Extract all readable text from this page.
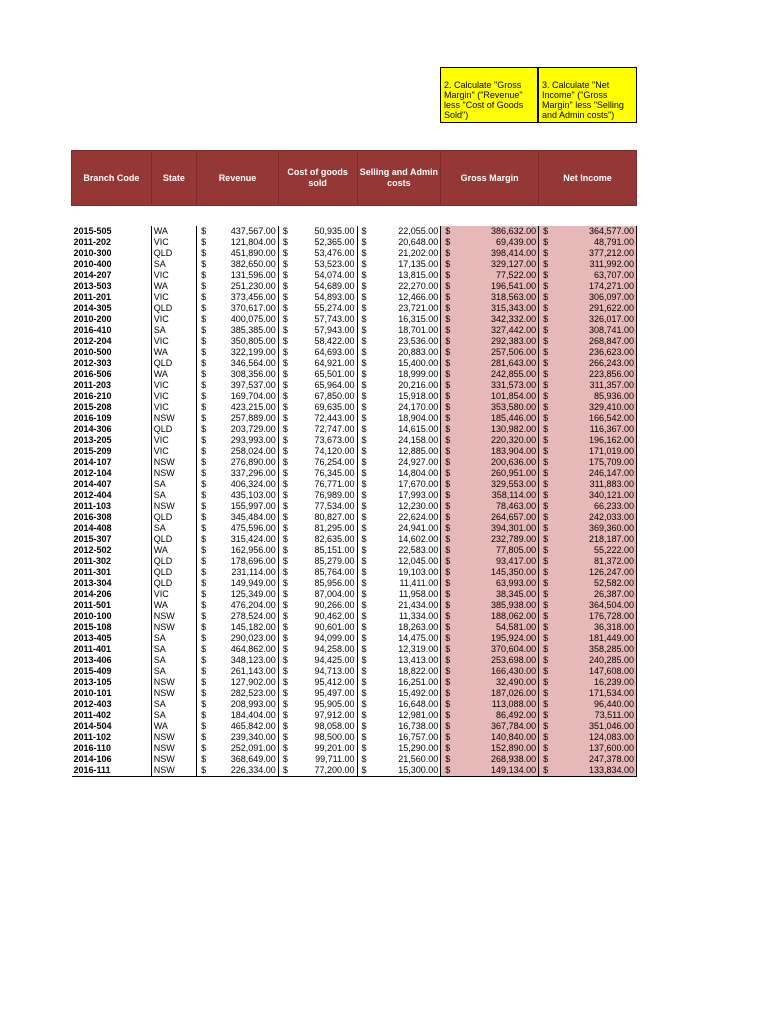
2. Calculate "Gross Margin" ("Revenue" less "Cost of Goods Sold")
3. Calculate "Net Income" ("Gross Margin" less "Selling and Admin costs")
Branch Code	State	Revenue	Cost of goods sold	Selling and Admin costs	Gross Margin	Net Income

2015-505	WA	$ 437,567.00	$ 50,935.00	$ 22,055.00	$ 386,632.00	$ 364,577.00

2011-202	VIC	$ 121,804.00	$ 52,365.00	$ 20,648.00	$ 69,439.00	$ 48,791.00

2010-300	QLD	$ 451,890.00	$ 53,476.00	$ 21,202.00	$ 398,414.00	$ 377,212.00

2010-400	SA	$ 382,650.00	$ 53,523.00	$ 17,135.00	$ 329,127.00	$ 311,992.00

2014-207	VIC	$ 131,596.00	$ 54,074.00	$ 13,815.00	$ 77,522.00	$ 63,707.00

2013-503	WA	$ 251,230.00	$ 54,689.00	$ 22,270.00	$ 196,541.00	$ 174,271.00

2011-201	VIC	$ 373,456.00	$ 54,893.00	$ 12,466.00	$ 318,563.00	$ 306,097.00

2014-305	QLD	$ 370,617.00	$ 55,274.00	$ 23,721.00	$ 315,343.00	$ 291,622.00

2010-200	VIC	$ 400,075.00	$ 57,743.00	$ 16,315.00	$ 342,332.00	$ 326,017.00

2016-410	SA	$ 385,385.00	$ 57,943.00	$ 18,701.00	$ 327,442.00	$ 308,741.00

2012-204	VIC	$ 350,805.00	$ 58,422.00	$ 23,536.00	$ 292,383.00	$ 268,847.00

2010-500	WA	$ 322,199.00	$ 64,693.00	$ 20,883.00	$ 257,506.00	$ 236,623.00

2012-303	QLD	$ 346,564.00	$ 64,921.00	$ 15,400.00	$ 281,643.00	$ 266,243.00

2016-506	WA	$ 308,356.00	$ 65,501.00	$ 18,999.00	$ 242,855.00	$ 223,856.00

2011-203	VIC	$ 397,537.00	$ 65,964.00	$ 20,216.00	$ 331,573.00	$ 311,357.00

2016-210	VIC	$ 169,704.00	$ 67,850.00	$ 15,918.00	$ 101,854.00	$ 85,936.00

2015-208	VIC	$ 423,215.00	$ 69,635.00	$ 24,170.00	$ 353,580.00	$ 329,410.00

2016-109	NSW	$ 257,889.00	$ 72,443.00	$ 18,904.00	$ 185,446.00	$ 166,542.00

2014-306	QLD	$ 203,729.00	$ 72,747.00	$ 14,615.00	$ 130,982.00	$ 116,367.00

2013-205	VIC	$ 293,993.00	$ 73,673.00	$ 24,158.00	$ 220,320.00	$ 196,162.00

2015-209	VIC	$ 258,024.00	$ 74,120.00	$ 12,885.00	$ 183,904.00	$ 171,019.00

2014-107	NSW	$ 276,890.00	$ 76,254.00	$ 24,927.00	$ 200,636.00	$ 175,709.00

2012-104	NSW	$ 337,296.00	$ 76,345.00	$ 14,804.00	$ 260,951.00	$ 246,147.00

2014-407	SA	$ 406,324.00	$ 76,771.00	$ 17,670.00	$ 329,553.00	$ 311,883.00

2012-404	SA	$ 435,103.00	$ 76,989.00	$ 17,993.00	$ 358,114.00	$ 340,121.00

2011-103	NSW	$ 155,997.00	$ 77,534.00	$ 12,230.00	$ 78,463.00	$ 66,233.00

2016-308	QLD	$ 345,484.00	$ 80,827.00	$ 22,624.00	$ 264,657.00	$ 242,033.00

2014-408	SA	$ 475,596.00	$ 81,295.00	$ 24,941.00	$ 394,301.00	$ 369,360.00

2015-307	QLD	$ 315,424.00	$ 82,635.00	$ 14,602.00	$ 232,789.00	$ 218,187.00

2012-502	WA	$ 162,956.00	$ 85,151.00	$ 22,583.00	$ 77,805.00	$ 55,222.00

2011-302	QLD	$ 178,696.00	$ 85,279.00	$ 12,045.00	$ 93,417.00	$ 81,372.00

2011-301	QLD	$ 231,114.00	$ 85,764.00	$ 19,103.00	$ 145,350.00	$ 126,247.00

2013-304	QLD	$ 149,949.00	$ 85,956.00	$ 11,411.00	$ 63,993.00	$ 52,582.00

2014-206	VIC	$ 125,349.00	$ 87,004.00	$ 11,958.00	$ 38,345.00	$ 26,387.00

2011-501	WA	$ 476,204.00	$ 90,266.00	$ 21,434.00	$ 385,938.00	$ 364,504.00

2010-100	NSW	$ 278,524.00	$ 90,462.00	$ 11,334.00	$ 188,062.00	$ 176,728.00

2015-108	NSW	$ 145,182.00	$ 90,601.00	$ 18,263.00	$ 54,581.00	$ 36,318.00

2013-405	SA	$ 290,023.00	$ 94,099.00	$ 14,475.00	$ 195,924.00	$ 181,449.00

2011-401	SA	$ 464,862.00	$ 94,258.00	$ 12,319.00	$ 370,604.00	$ 358,285.00

2013-406	SA	$ 348,123.00	$ 94,425.00	$ 13,413.00	$ 253,698.00	$ 240,285.00

2015-409	SA	$ 261,143.00	$ 94,713.00	$ 18,822.00	$ 166,430.00	$ 147,608.00

2013-105	NSW	$ 127,902.00	$ 95,412.00	$ 16,251.00	$ 32,490.00	$ 16,239.00

2010-101	NSW	$ 282,523.00	$ 95,497.00	$ 15,492.00	$ 187,026.00	$ 171,534.00

2012-403	SA	$ 208,993.00	$ 95,905.00	$ 16,648.00	$ 113,088.00	$ 96,440.00

2011-402	SA	$ 184,404.00	$ 97,912.00	$ 12,981.00	$ 86,492.00	$ 73,511.00

2014-504	WA	$ 465,842.00	$ 98,058.00	$ 16,738.00	$ 367,784.00	$ 351,046.00

2011-102	NSW	$ 239,340.00	$ 98,500.00	$ 16,757.00	$ 140,840.00	$ 124,083.00

2016-110	NSW	$ 252,091.00	$ 99,201.00	$ 15,290.00	$ 152,890.00	$ 137,600.00

2014-106	NSW	$ 368,649.00	$ 99,711.00	$ 21,560.00	$ 268,938.00	$ 247,378.00

2016-111	NSW	$ 226,334.00	$ 77,200.00	$ 15,300.00	$ 149,134.00	$ 133,834.00
